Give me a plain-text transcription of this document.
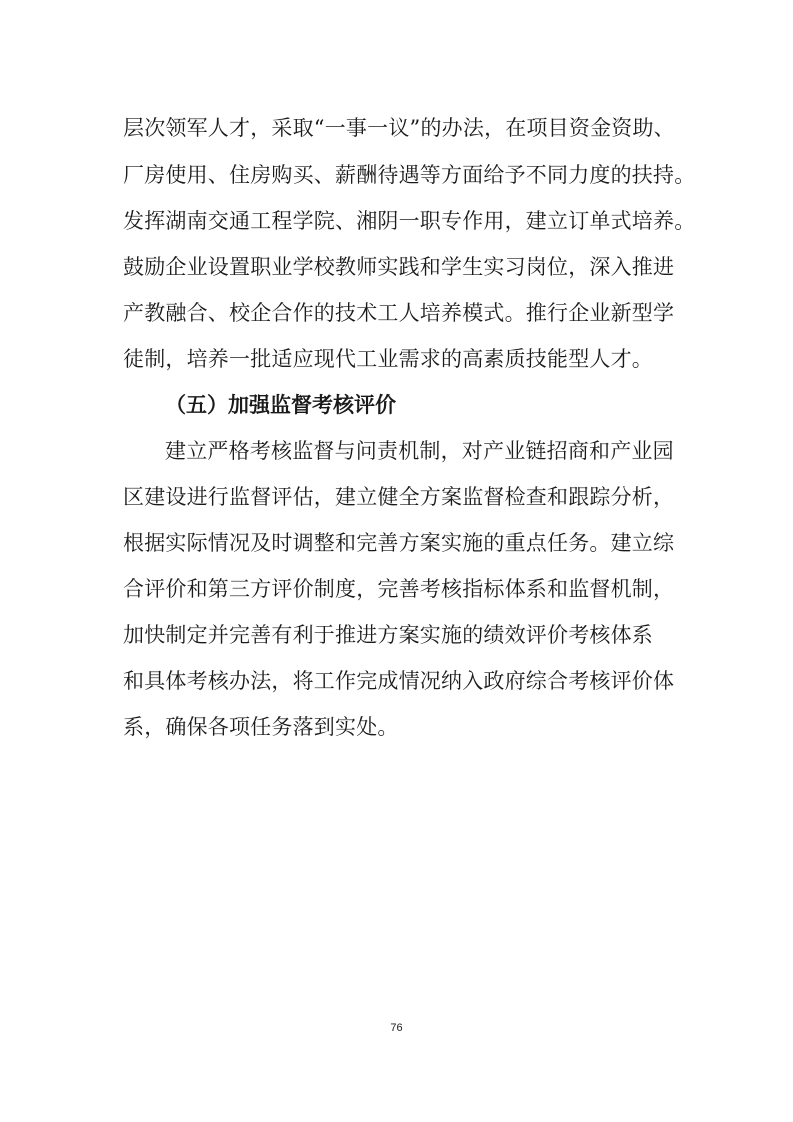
层次领军人才，采取“一事一议”的办法，在项目资金资助、
厂房使用、住房购买、薪酬待遇等方面给予不同力度的扶持。
发挥湖南交通工程学院、湘阴一职专作用，建立订单式培养。
鼓励企业设置职业学校教师实践和学生实习岗位，深入推进
产教融合、校企合作的技术工人培养模式。推行企业新型学
徒制，培养一批适应现代工业需求的高素质技能型人才。
（五）加强监督考核评价
建立严格考核监督与问责机制，对产业链招商和产业园
区建设进行监督评估，建立健全方案监督检查和跟踪分析，
根据实际情况及时调整和完善方案实施的重点任务。建立综
合评价和第三方评价制度，完善考核指标体系和监督机制，
加快制定并完善有利于推进方案实施的绩效评价考核体系
和具体考核办法，将工作完成情况纳入政府综合考核评价体
系，确保各项任务落到实处。
76
